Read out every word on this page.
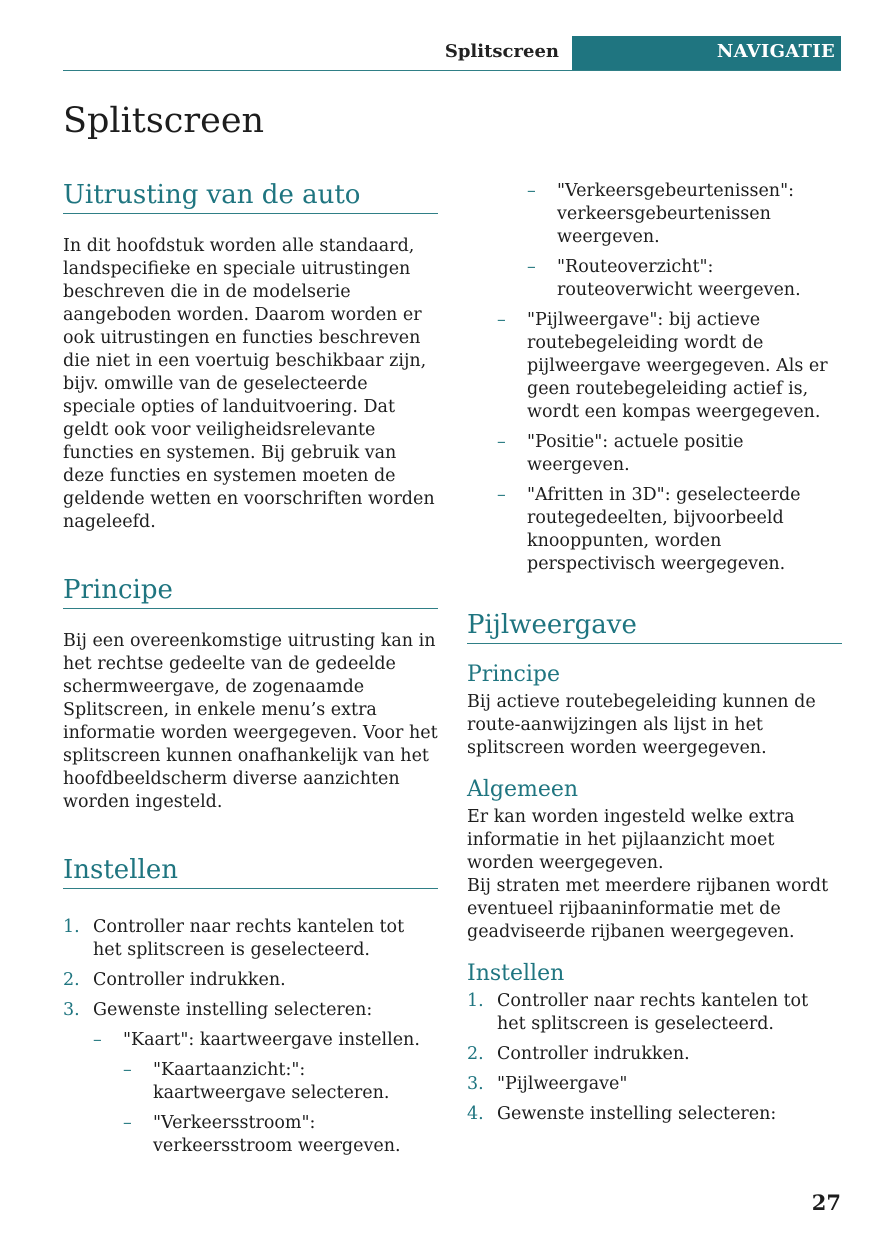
Splitscreen	NAVIGATIE
Splitscreen
Uitrusting van de auto

In dit hoofdstuk worden alle standaard, landspecifieke en speciale uitrustingen beschreven die in de modelserie aangeboden worden. Daarom worden er ook uitrustingen en functies beschreven die niet in een voertuig beschikbaar zijn, bijv. omwille van de geselecteerde speciale opties of landuitvoering. Dat geldt ook voor veiligheidsrelevante functies en systemen. Bij gebruik van deze functies en systemen moeten de geldende wetten en voorschriften worden nageleefd.

Principe

Bij een overeenkomstige uitrusting kan in het rechtse gedeelte van de gedeelde schermweergave, de zogenaamde Splitscreen, in enkele menu’s extra informatie worden weergegeven. Voor het splitscreen kunnen onafhankelijk van het hoofdbeeldscherm diverse aanzichten worden ingesteld.

Instellen
1. Controller naar rechts kantelen tot het splitscreen is geselecteerd.
2. Controller indrukken.
3. Gewenste instelling selecteren:
– "Kaart": kaartweergave instellen.
– "Kaartaanzicht:": kaartweergave selecteren.
– "Verkeersstroom": verkeersstroom weergeven.
– "Verkeersgebeurtenissen": verkeersgebeurtenissen weergeven.
– "Routeoverzicht": routeoverwicht weergeven.
– "Pijlweergave": bij actieve routebegeleiding wordt de pijlweergave weergegeven. Als er geen routebegeleiding actief is, wordt een kompas weergegeven.
– "Positie": actuele positie weergeven.
– "Afritten in 3D": geselecteerde routegedeelten, bijvoorbeeld knooppunten, worden perspectivisch weergegeven.
Pijlweergave
Principe

Bij actieve routebegeleiding kunnen de route-aanwijzingen als lijst in het splitscreen worden weergegeven.

Algemeen

Er kan worden ingesteld welke extra informatie in het pijlaanzicht moet worden weergegeven.

Bij straten met meerdere rijbanen wordt eventueel rijbaaninformatie met de geadviseerde rijbanen weergegeven.

Instellen
1. Controller naar rechts kantelen tot het splitscreen is geselecteerd.
2. Controller indrukken.
3. "Pijlweergave"
4. Gewenste instelling selecteren:
27
